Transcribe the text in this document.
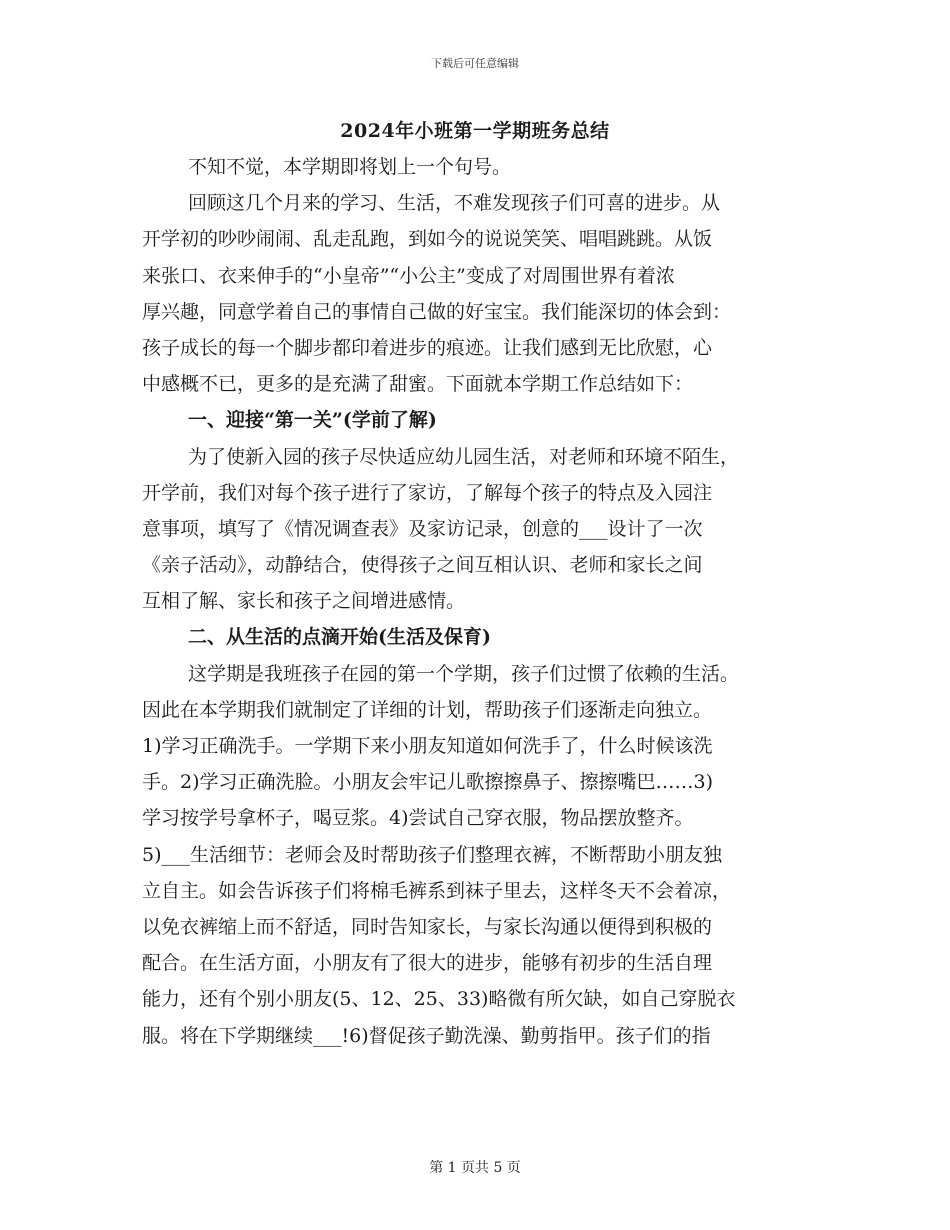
下载后可任意编辑
2024年小班第一学期班务总结
不知不觉，本学期即将划上一个句号。
回顾这几个月来的学习、生活，不难发现孩子们可喜的进步。从
开学初的吵吵闹闹、乱走乱跑，到如今的说说笑笑、唱唱跳跳。从饭
来张口、衣来伸手的“小皇帝”“小公主”变成了对周围世界有着浓
厚兴趣，同意学着自己的事情自己做的好宝宝。我们能深切的体会到：
孩子成长的每一个脚步都印着进步的痕迹。让我们感到无比欣慰，心
中感概不已，更多的是充满了甜蜜。下面就本学期工作总结如下：
一、迎接“第一关”(学前了解)
为了使新入园的孩子尽快适应幼儿园生活，对老师和环境不陌生，
开学前，我们对每个孩子进行了家访，了解每个孩子的特点及入园注
意事项，填写了《情况调查表》及家访记录，创意的___设计了一次
《亲子活动》，动静结合，使得孩子之间互相认识、老师和家长之间
互相了解、家长和孩子之间增进感情。
二、从生活的点滴开始(生活及保育)
这学期是我班孩子在园的第一个学期，孩子们过惯了依赖的生活。
因此在本学期我们就制定了详细的计划，帮助孩子们逐渐走向独立。
1)学习正确洗手。一学期下来小朋友知道如何洗手了，什么时候该洗
手。2)学习正确洗脸。小朋友会牢记儿歌擦擦鼻子、擦擦嘴巴……3)
学习按学号拿杯子，喝豆浆。4)尝试自己穿衣服，物品摆放整齐。
5)___生活细节：老师会及时帮助孩子们整理衣裤，不断帮助小朋友独
立自主。如会告诉孩子们将棉毛裤系到袜子里去，这样冬天不会着凉，
以免衣裤缩上而不舒适，同时告知家长，与家长沟通以便得到积极的
配合。在生活方面，小朋友有了很大的进步，能够有初步的生活自理
能力，还有个别小朋友(5、12、25、33)略微有所欠缺，如自己穿脱衣
服。将在下学期继续___!6)督促孩子勤洗澡、勤剪指甲。孩子们的指
第 1 页共 5 页
